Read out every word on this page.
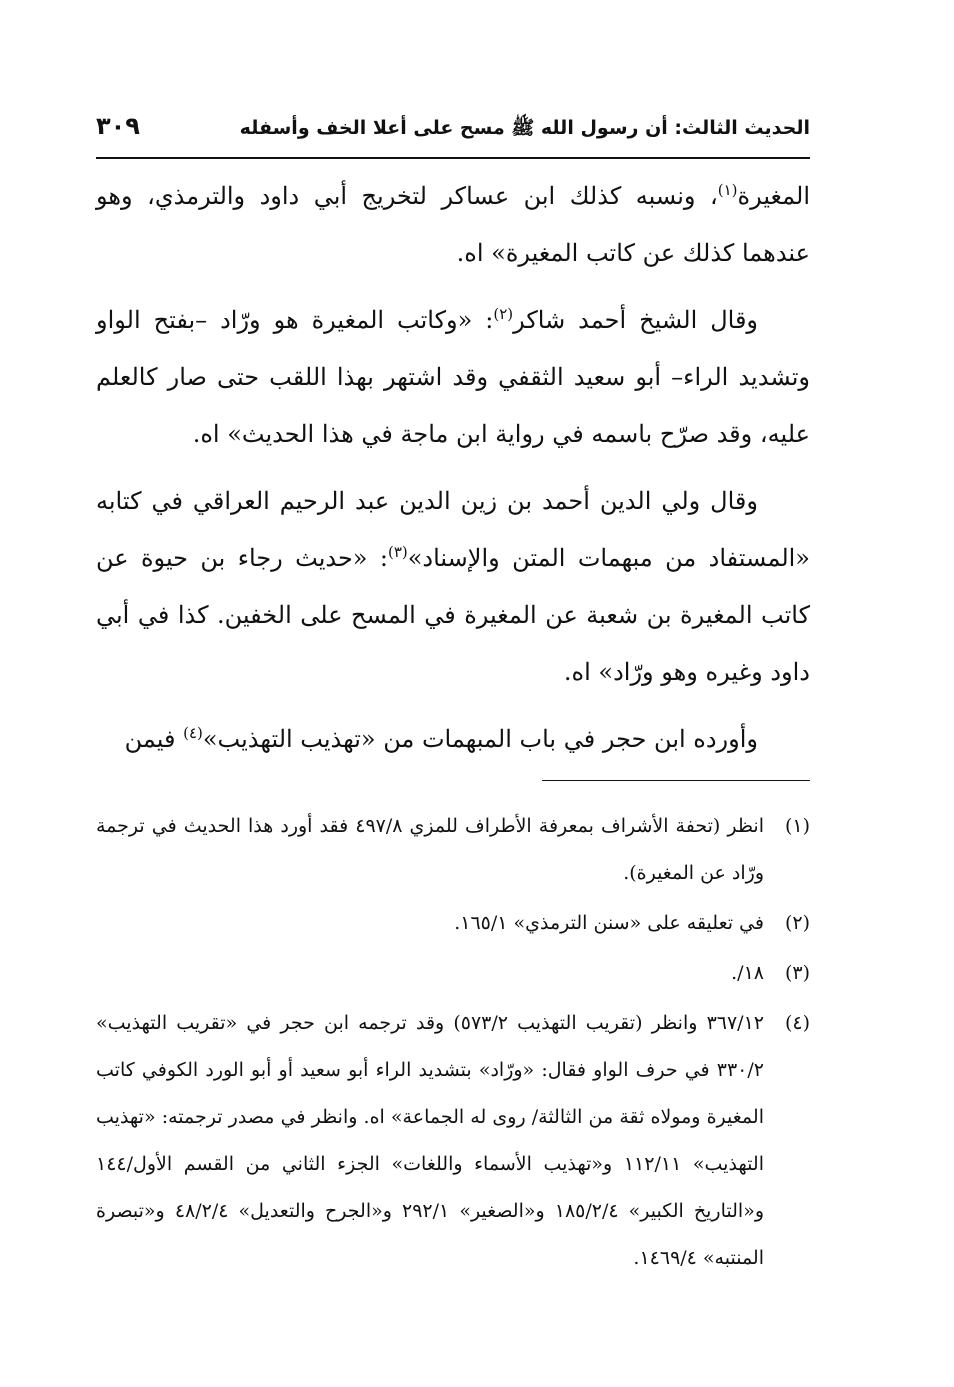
الحديث الثالث: أن رسول الله ﷺ مسح على أعلا الخف وأسفله
٣٠٩

المغيرة$^{(١)}$، ونسبه كذلك ابن عساكر لتخريج أبي داود والترمذي، وهو عندهما كذلك عن كاتب المغيرة» اه.

وقال الشيخ أحمد شاكر$^{(٢)}$: «وكاتب المغيرة هو ورّاد –بفتح الواو وتشديد الراء– أبو سعيد الثقفي وقد اشتهر بهذا اللقب حتى صار كالعلم عليه، وقد صرّح باسمه في رواية ابن ماجة في هذا الحديث» اه.

وقال ولي الدين أحمد بن زين الدين عبد الرحيم العراقي في كتابه «المستفاد من مبهمات المتن والإسناد»$^{(٣)}$: «حديث رجاء بن حيوة عن كاتب المغيرة بن شعبة عن المغيرة في المسح على الخفين. كذا في أبي داود وغيره وهو ورّاد» اه.

وأورده ابن حجر في باب المبهمات من «تهذيب التهذيب»$^{(٤)}$ فيمن

(١)
انظر (تحفة الأشراف بمعرفة الأطراف للمزي ٤٩٧/٨ فقد أورد هذا الحديث في ترجمة ورّاد عن المغيرة).
(٢)
في تعليقه على «سنن الترمذي» ١٦٥/١.
(٣)
١٨/.
(٤)
٣٦٧/١٢ وانظر (تقريب التهذيب ٥٧٣/٢) وقد ترجمه ابن حجر في «تقريب التهذيب» ٣٣٠/٢ في حرف الواو فقال: «ورّاد» بتشديد الراء أبو سعيد أو أبو الورد الكوفي كاتب المغيرة ومولاه ثقة من الثالثة/ روى له الجماعة» اه. وانظر في مصدر ترجمته: «تهذيب التهذيب» ١١٢/١١ و«تهذيب الأسماء واللغات» الجزء الثاني من القسم الأول/١٤٤ و«التاريخ الكبير» ١٨٥/٢/٤ و«الصغير» ٢٩٢/١ و«الجرح والتعديل» ٤٨/٢/٤ و«تبصرة المنتبه» ١٤٦٩/٤.
